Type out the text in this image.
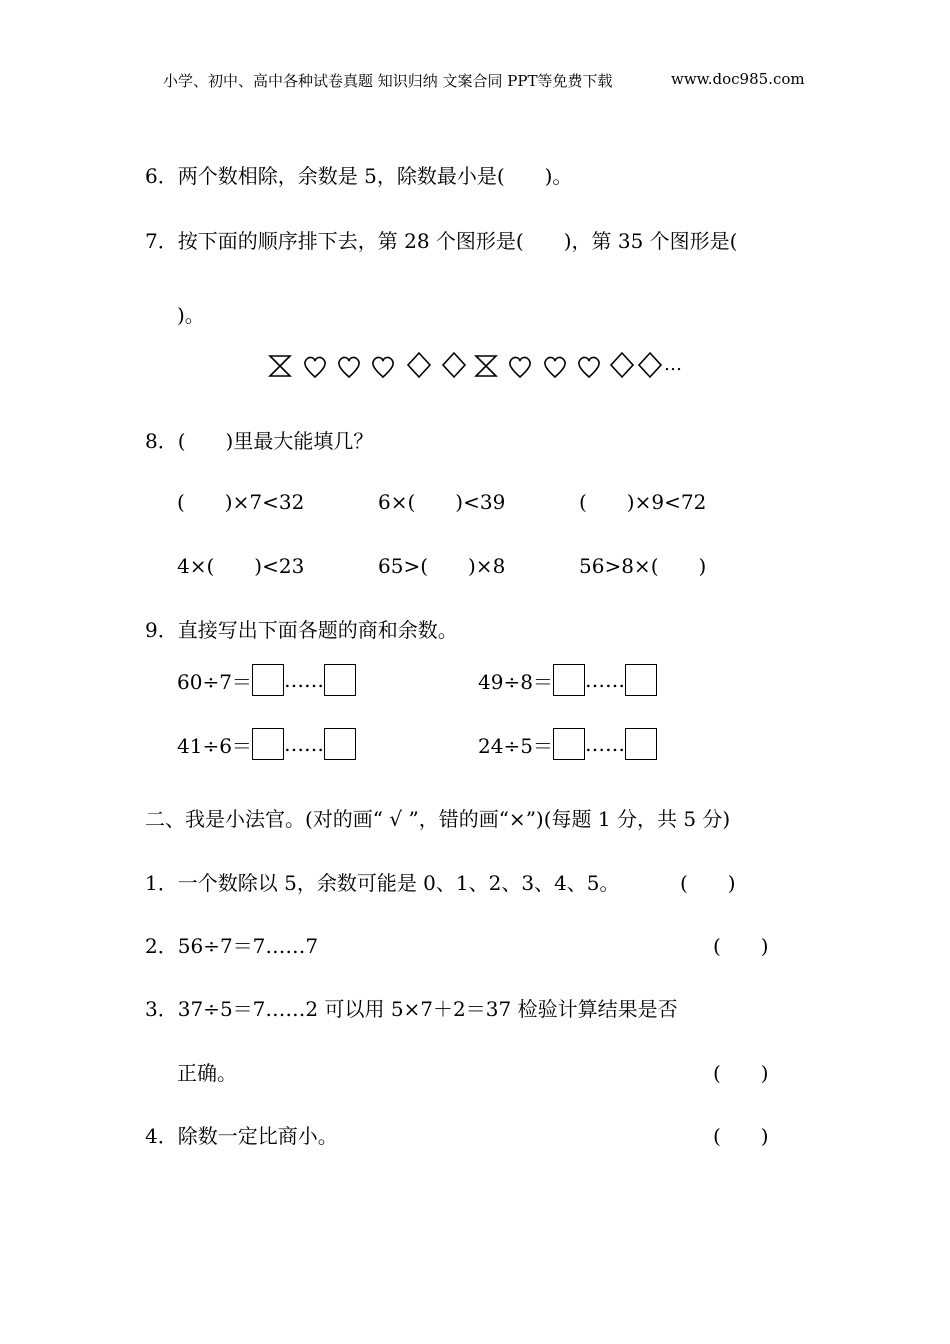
小学、初中、高中各种试卷真题 知识归纳 文案合同 PPT等免费下载	www.doc985.com
6．两个数相除，余数是 5，除数最小是(　　)。
7．按下面的顺序排下去，第 28 个图形是(　　)，第 35 个图形是(
)。
…
8．(　　)里最大能填几？
(　　)×7<32	6×(　　)<39	(　　)×9<72
4×(　　)<23	65>(　　)×8	56>8×(　　)
9．直接写出下面各题的商和余数。
60÷7＝ ……	49÷8＝ ……
41÷6＝ ……	24÷5＝ ……
二、我是小法官。(对的画“ √ ”，错的画“×”)(每题 1 分，共 5 分)
1．一个数除以 5，余数可能是 0、1、2、3、4、5。	(　　)
2．56÷7＝7……7	(　　)
3．37÷5＝7……2 可以用 5×7＋2＝37 检验计算结果是否
正确。	(　　)
4．除数一定比商小。	(　　)
